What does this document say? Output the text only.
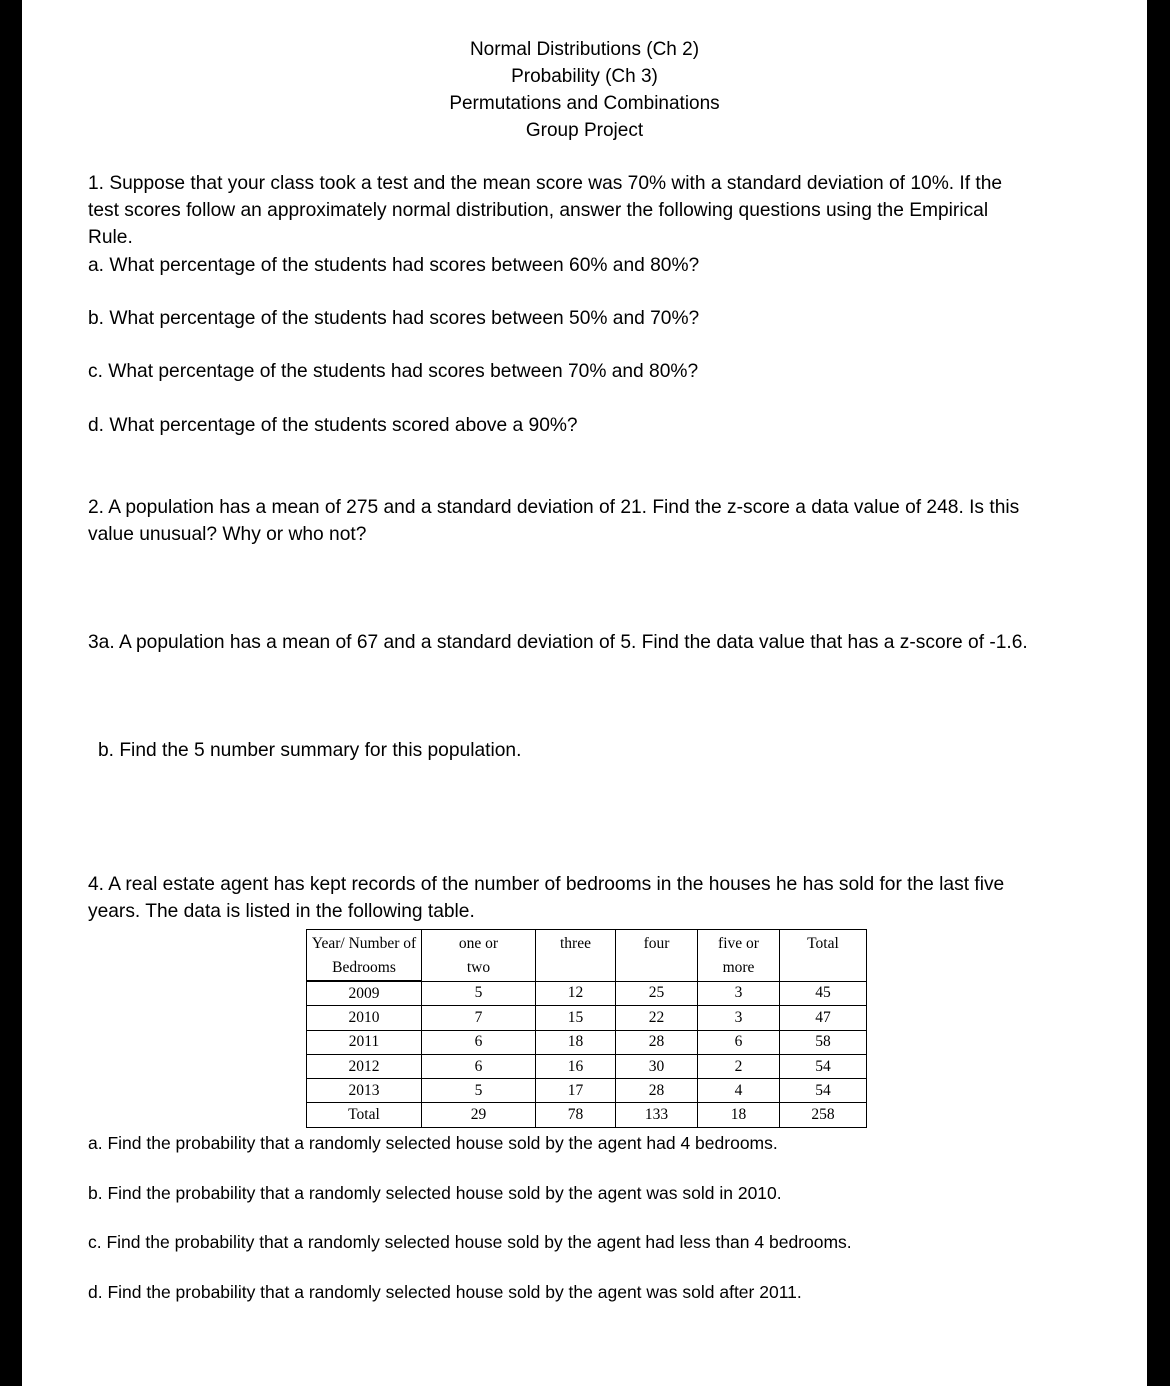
Normal Distributions (Ch 2)
Probability (Ch 3)
Permutations and Combinations
Group Project
1. Suppose that your class took a test and the mean score was 70% with a standard deviation of 10%. If the
test scores follow an approximately normal distribution, answer the following questions using the Empirical
Rule.
a. What percentage of the students had scores between 60% and 80%?
b. What percentage of the students had scores between 50% and 70%?
c. What percentage of the students had scores between 70% and 80%?
d. What percentage of the students scored above a 90%?
2. A population has a mean of 275 and a standard deviation of 21. Find the z-score a data value of 248. Is this
value unusual? Why or who not?
3a. A population has a mean of 67 and a standard deviation of 5. Find the data value that has a z-score of -1.6.
b. Find the 5 number summary for this population.
4. A real estate agent has kept records of the number of bedrooms in the houses he has sold for the last five
years. The data is listed in the following table.
Year/ Number of
Bedrooms	one or
two	three	four	five or
more	Total

2009	5	12	25	3	45
2010	7	15	22	3	47
2011	6	18	28	6	58
2012	6	16	30	2	54
2013	5	17	28	4	54
Total	29	78	133	18	258
a. Find the probability that a randomly selected house sold by the agent had 4 bedrooms.
b. Find the probability that a randomly selected house sold by the agent was sold in 2010.
c. Find the probability that a randomly selected house sold by the agent had less than 4 bedrooms.
d. Find the probability that a randomly selected house sold by the agent was sold after 2011.
